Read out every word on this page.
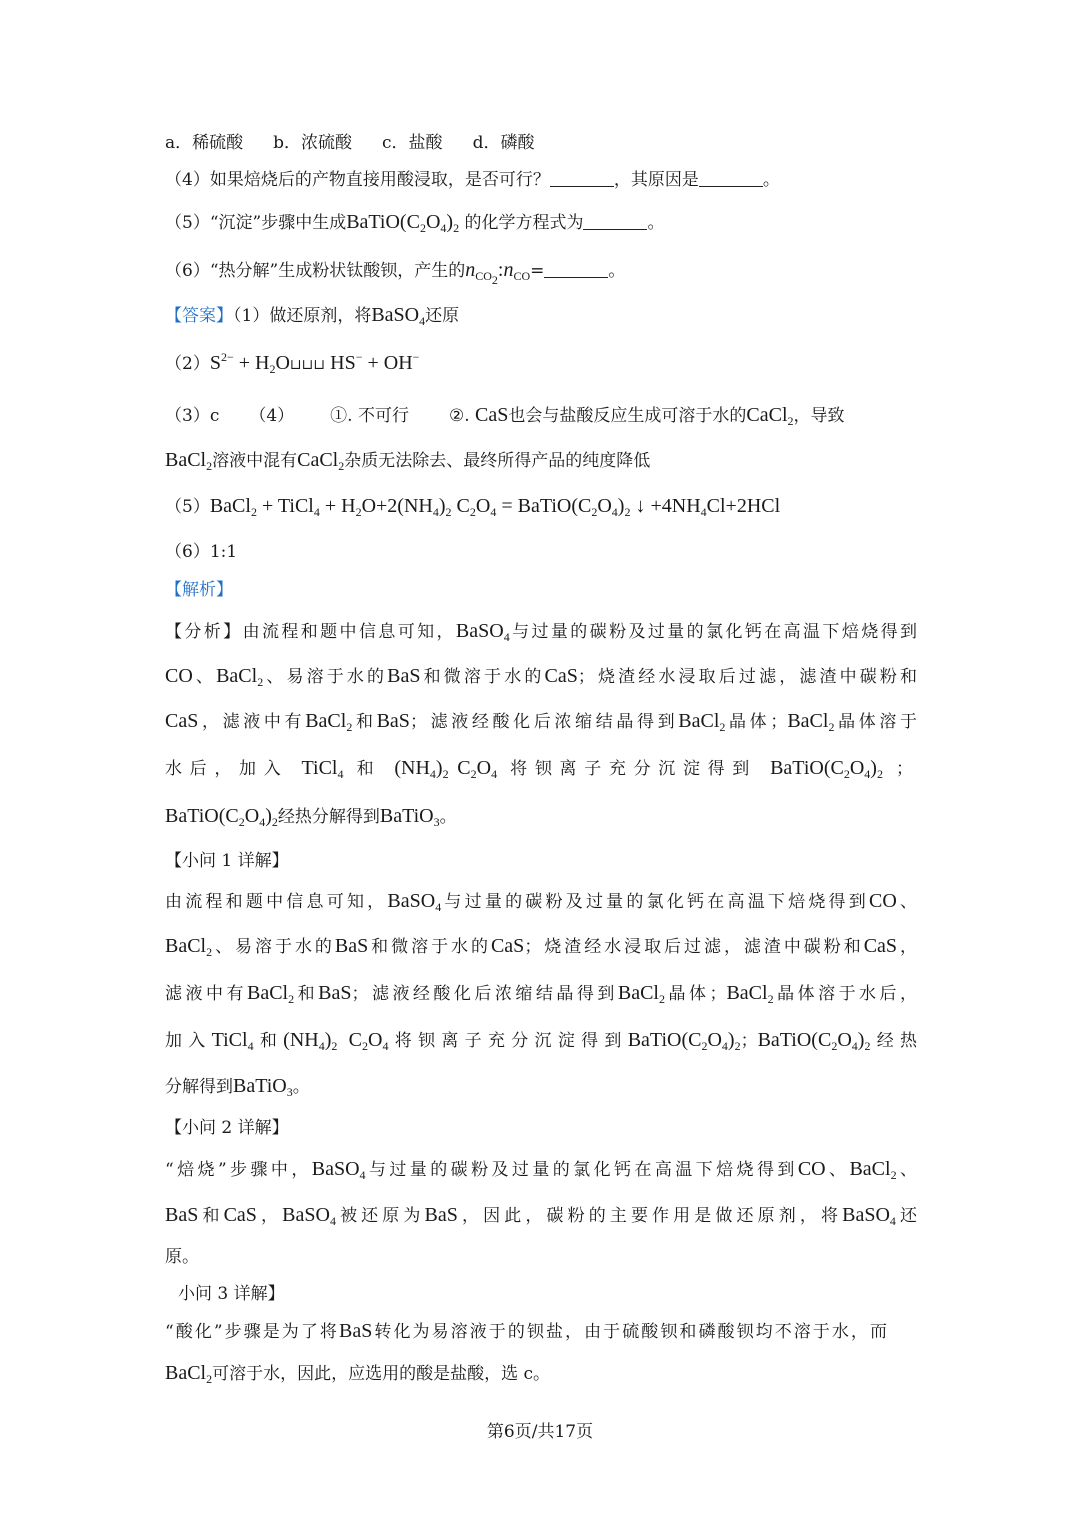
a．稀硫酸 b．浓硫酸 c．盐酸 d．磷酸
（4）如果焙烧后的产物直接用酸浸取，是否可行？	，其原因是	。
（5）“沉淀”步骤中生成$BaTiO(C_2O_4)_2$ 的化学方程式为	。
（6）“热分解”生成粉状钛酸钡，产生的$n_{CO_2}:n_{CO}=$	。
【答案】（1）做还原剂，将BaSO$_4$还原
$(2)S^{2-}$ + $H_2O⊔⊔⊔$ HS− + OH−
（3）c （4） ①. 不可行 ②. CaS也会与盐酸反应生成可溶于水的CaCl$_2$，导致
BaCl$_2$溶液中混有CaCl$_2$杂质无法除去、最终所得产品的纯度降低
（5）BaCl$_2$ + TiCl$_4$ + $H_2O+2(NH_4)_2$ $C_2O_4$ = $BaTiO(C_2O_4)_2$ ↓ $+4NH_4Cl+2HCl$
（6）1:1
【解析】
【分析】由流程和题中信息可知，BaSO$_4$与过量的碳粉及过量的氯化钙在高温下焙烧得到
CO、BaCl$_2$、易溶于水的BaS和微溶于水的CaS；烧渣经水浸取后过滤，滤渣中碳粉和
CaS，滤液中有BaCl$_2$和BaS；滤液经酸化后浓缩结晶得到BaCl$_2$晶体；BaCl$_2$晶体溶于
水后，加入 TiCl$_4$ 和 $(NH_4)_2$ $C_2O_4$ 将钡离子充分沉淀得到 $BaTiO(C_2O_4)_2$ ；
$BaTiO(C_2O_4)_2$经热分解得到BaTiO$_3$。
【小问 1 详解】
由流程和题中信息可知，BaSO$_4$与过量的碳粉及过量的氯化钙在高温下焙烧得到CO、
BaCl$_2$、易溶于水的BaS和微溶于水的CaS；烧渣经水浸取后过滤，滤渣中碳粉和CaS，
滤液中有BaCl$_2$和BaS；滤液经酸化后浓缩结晶得到BaCl$_2$晶体；BaCl$_2$晶体溶于水后，
加入TiCl$_4$和$(NH_4)_2$ $C_2O_4$将钡离子充分沉淀得到$BaTiO(C_2O_4)_2$；$BaTiO(C_2O_4)_2$经热
分解得到BaTiO$_3$。
【小问 2 详解】
“焙烧”步骤中，BaSO$_4$与过量的碳粉及过量的氯化钙在高温下焙烧得到CO、BaCl$_2$、
BaS和CaS，BaSO$_4$被还原为BaS，因此，碳粉的主要作用是做还原剂，将BaSO$_4$还
原。
小问 3 详解】
“酸化”步骤是为了将BaS转化为易溶液于的钡盐，由于硫酸钡和磷酸钡均不溶于水，而
BaCl$_2$可溶于水，因此，应选用的酸是盐酸，选 c。
第6页/共17页
